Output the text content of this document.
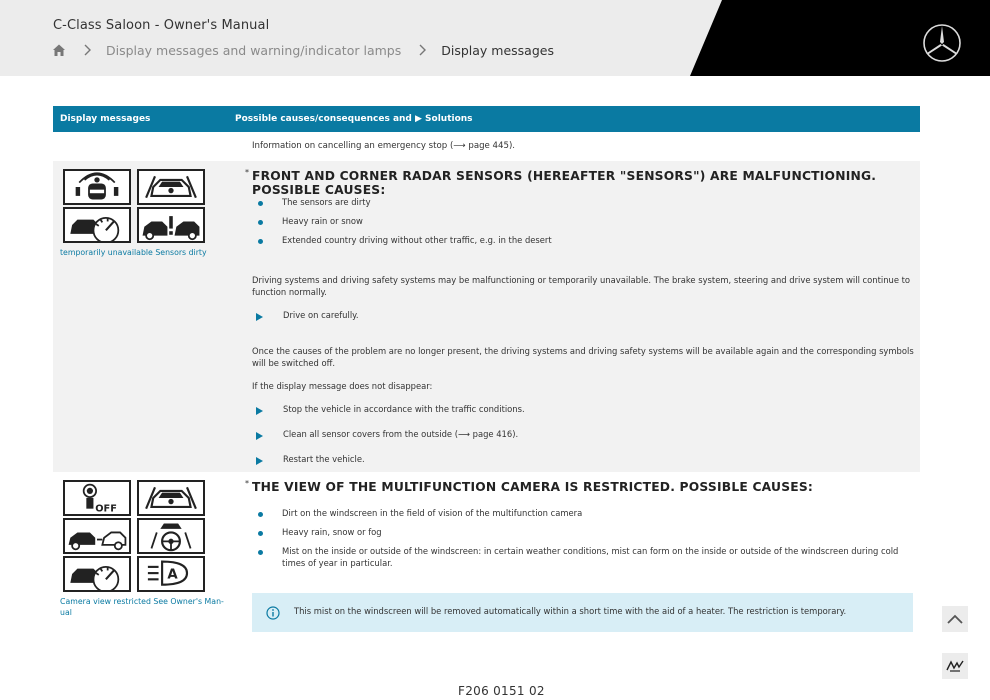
C-Class Saloon - Owner's Manual
Display messages and warning/indicator lamps	Display messages
Display messages	Possible causes/consequences and ▶ Solutions
Information on cancelling an emergency stop (⟶ page 445).
temporarily unavailable Sensors dirty
* FRONT AND CORNER RADAR SENSORS (HEREAFTER "SENSORS") ARE MALFUNCTIONING. POSSIBLE CAUSES:
The sensors are dirty
Heavy rain or snow
Extended country driving without other traffic, e.g. in the desert
Driving systems and driving safety systems may be malfunctioning or temporarily unavailable. The brake system, steering and drive system will continue to function normally.
Drive on carefully.
Once the causes of the problem are no longer present, the driving systems and driving safety systems will be available again and the corresponding symbols will be switched off.
If the display message does not disappear:
Stop the vehicle in accordance with the traffic conditions.
Clean all sensor covers from the outside (⟶ page 416).
Restart the vehicle.
OFF
A
Camera view restricted See Owner's Man-
ual
* THE VIEW OF THE MULTIFUNCTION CAMERA IS RESTRICTED. POSSIBLE CAUSES:
Dirt on the windscreen in the field of vision of the multifunction camera
Heavy rain, snow or fog
Mist on the inside or outside of the windscreen: in certain weather conditions, mist can form on the inside or outside of the windscreen during cold times of year in particular.
This mist on the windscreen will be removed automatically within a short time with the aid of a heater. The restriction is temporary.
F206 0151 02
